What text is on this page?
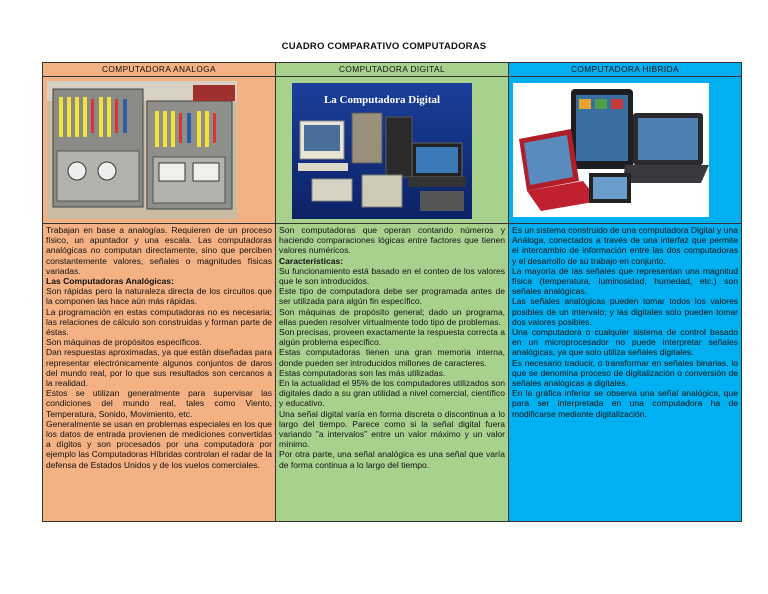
CUADRO COMPARATIVO COMPUTADORAS
COMPUTADORA ANALOGA

Trabajan en base a analogías. Requieren de un proceso físico, un apuntador y una escala. Las computadoras analógicas no computan directamente, sino que perciben constantemente valores, señales o magnitudes físicas variadas.

Las Computadoras Analógicas:

Son rápidas pero la naturaleza directa de los circuitos que la componen las hace aún más rápidas.

La programación en estas computadoras no es necesaria; las relaciones de cálculo son construidas y forman parte de éstas.

Son máquinas de propósitos específicos.

Dan respuestas aproximadas, ya que están diseñadas para representar electrónicamente algunos conjuntos de daros del mundo real, por lo que sus resultados son cercanos a la realidad.

Estos se utilizan generalmente para supervisar las condiciones del mundo real, tales como Viento, Temperatura, Sonido, Movimiento, etc.

Generalmente se usan en problemas especiales en los que los datos de entrada provienen de mediciones convertidas a dígitos y son procesados por una computadora por ejemplo las Computadoras Híbridas controlan el radar de la defensa de Estados Unidos y de los vuelos comerciales.

COMPUTADORA DIGITAL
La Computadora Digital

Son computadoras que operan contando números y haciendo comparaciones lógicas entre factores que tienen valores numéricos.

Características:

Su funcionamiento está basado en el conteo de los valores que le son introducidos.

Este tipo de computadora debe ser programada antes de ser utilizada para algún fin específico.

Son máquinas de propósito general; dado un programa, ellas pueden resolver virtualmente todo tipo de problemas.

Son precisas, proveen exactamente la respuesta correcta a algún problema específico.

Estas computadoras tienen una gran memoria interna, donde pueden ser introducidos millones de caracteres.

Estas computadoras son las más utilizadas.

En la actualidad el 95% de los computadores utilizados son digitales dado a su gran utilidad a nivel comercial, científico y educativo.

Una señal digital varía en forma discreta o discontinua a lo largo del tiempo. Parece como si la señal digital fuera variando "a intervalos" entre un valor máximo y un valor mínimo.

Por otra parte, una señal analógica es una señal que varía de forma continua a lo largo del tiempo.

COMPUTADORA HIBRIDA

Es un sistema construido de una computadora Digital y una Análoga, conectados a través de una interfaz que permite el intercambio de información entre las dos computadoras y el desarrollo de su trabajo en conjunto.

La mayoría de las señales que representan una magnitud física (temperatura, luminosidad, humedad, etc.) son señales analógicas.

Las señales analógicas pueden tomar todos los valores posibles de un intervalo; y las digitales solo pueden tomar dos valores posibles.

Una computadora o cualquier sistema de control basado en un microprocesador no puede interpretar señales analógicas, ya que solo utiliza señales digitales.

Es necesario traducir, o transformar en señales binarias, lo que se denomina proceso de digitalización o conversión de señales analógicas a digitales.

En la gráfica inferior se observa una señal analógica, que para ser interpretada en una computadora ha de modificarse mediante digitalización.
